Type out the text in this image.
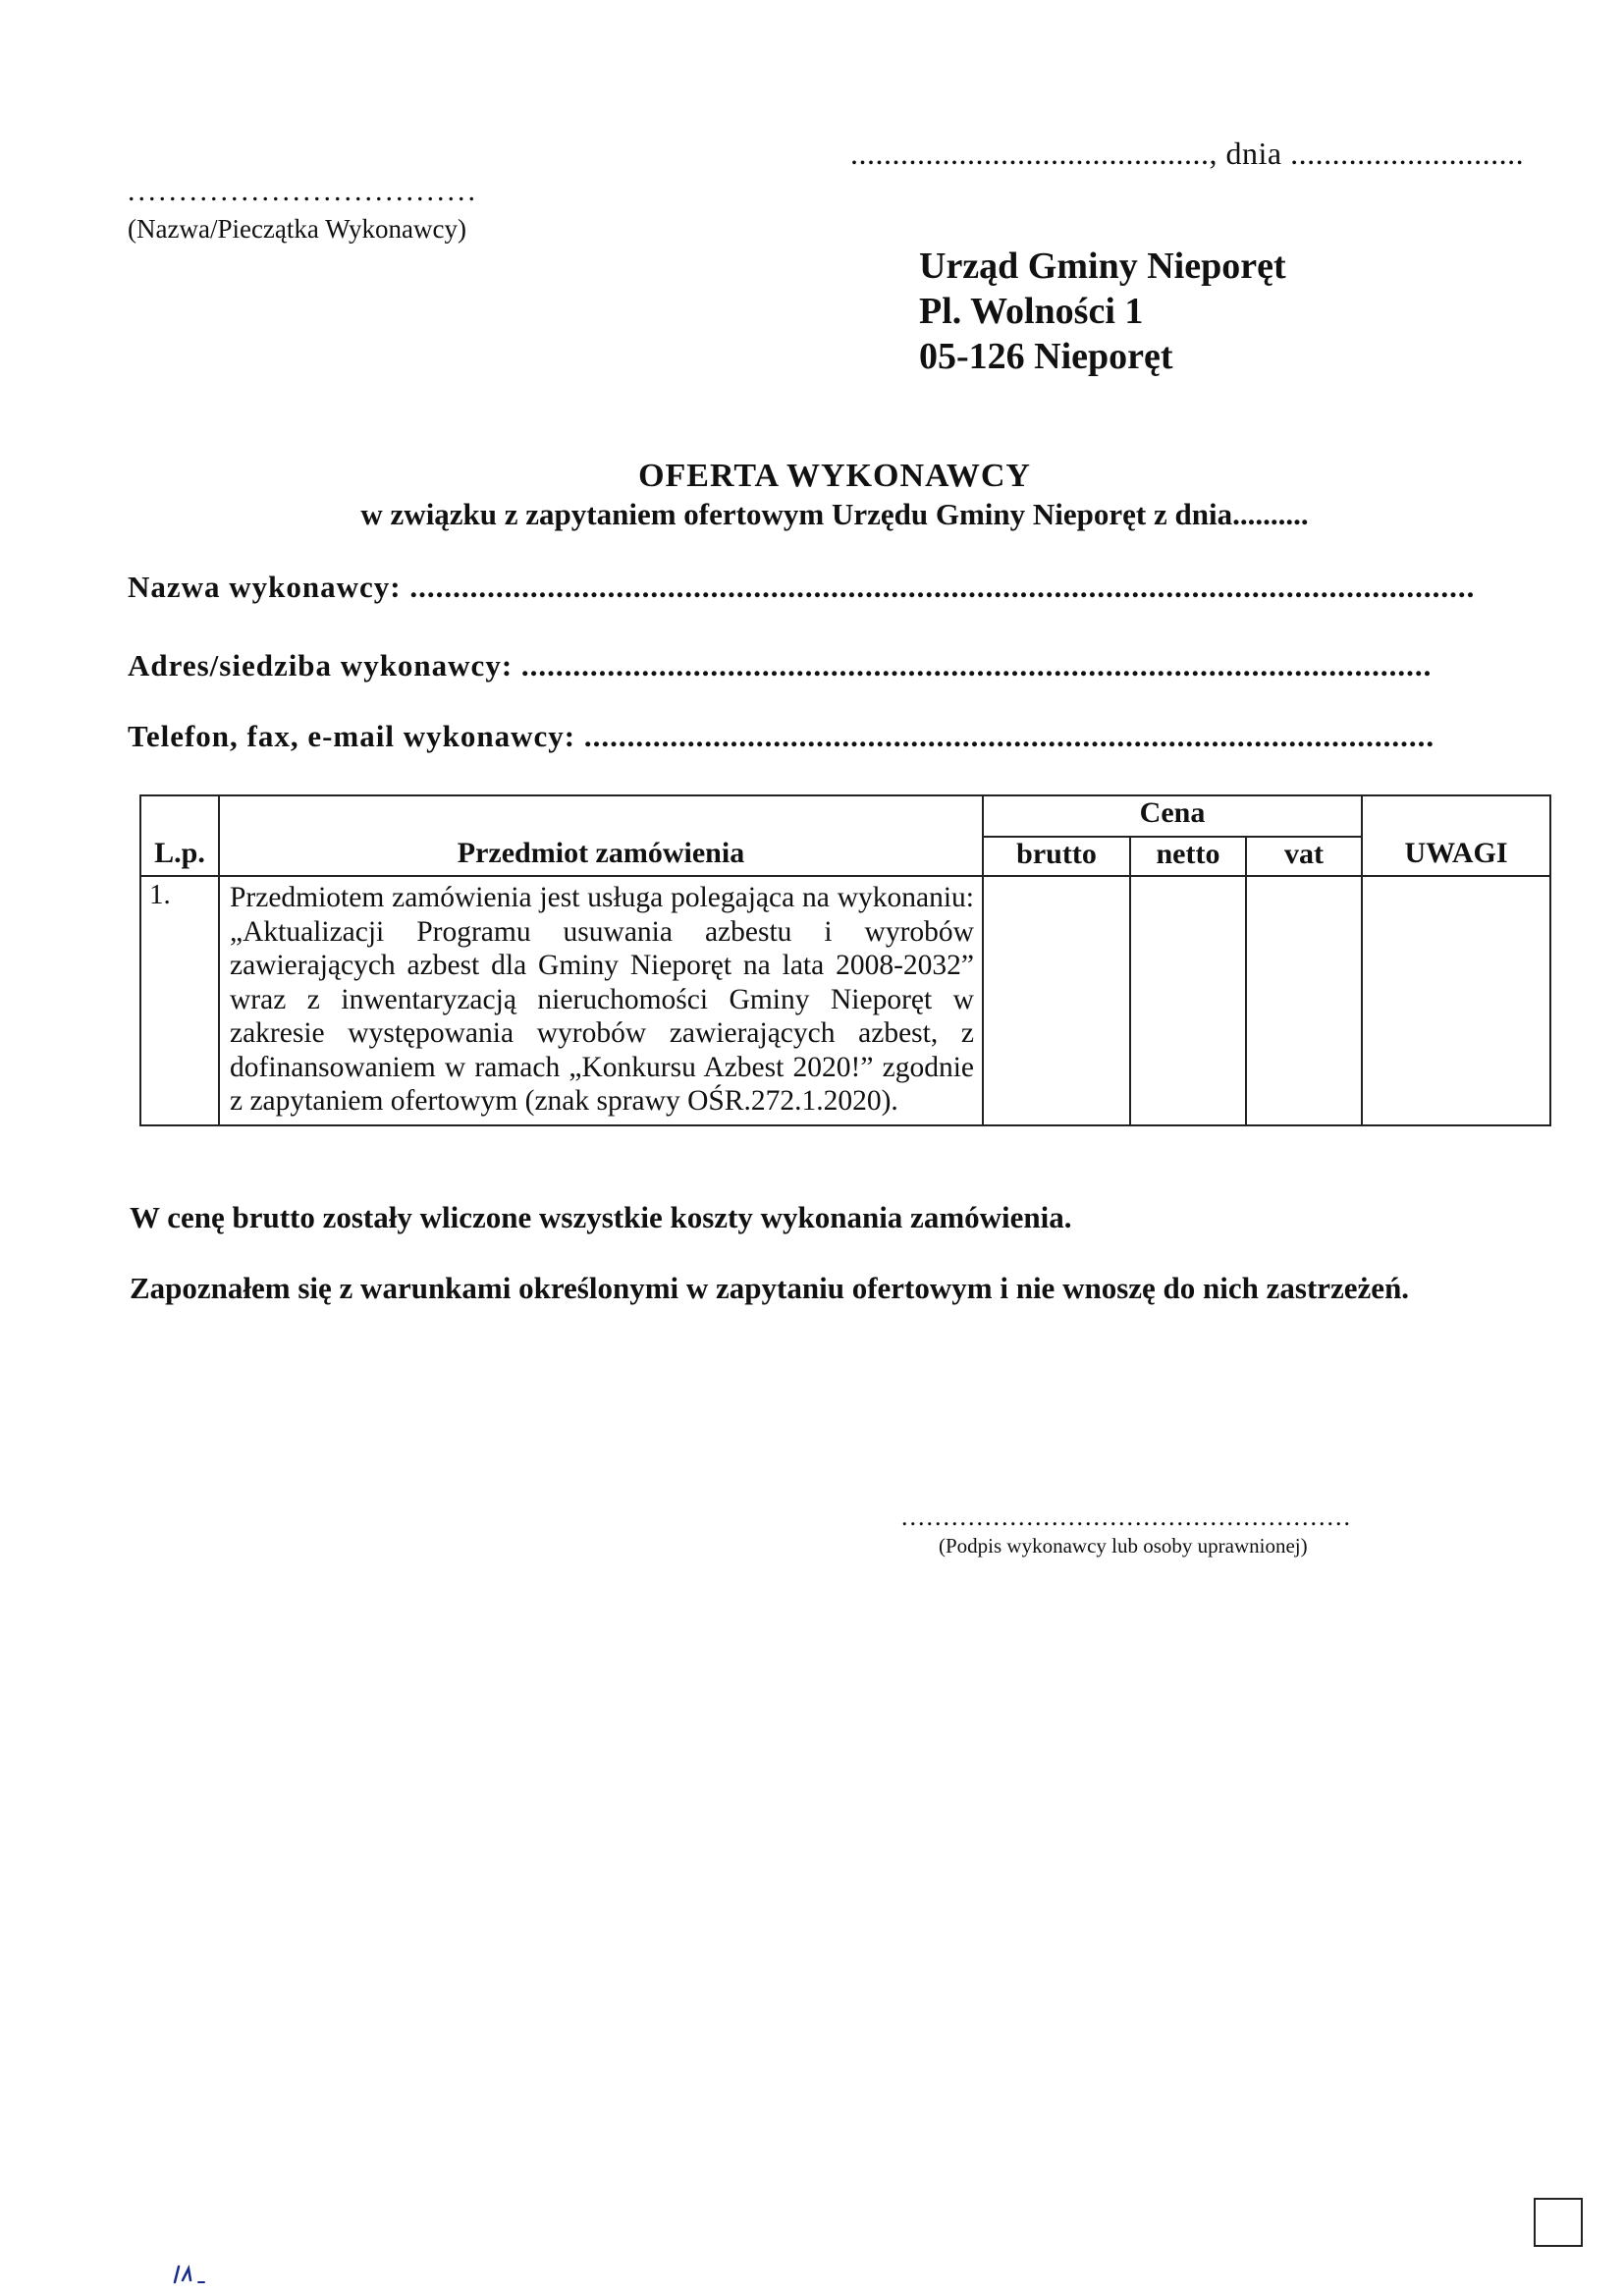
..........................................., dnia ............................
..................................
(Nazwa/Pieczątka Wykonawcy)
Urząd Gminy Nieporęt
Pl. Wolności 1
05-126 Nieporęt
OFERTA WYKONAWCY
w związku z zapytaniem ofertowym Urzędu Gminy Nieporęt z dnia..........
Nazwa wykonawcy: ............................................................................................................................
Adres/siedziba wykonawcy: ..........................................................................................................
Telefon, fax, e-mail wykonawcy: ...................................................................................................
		Cena			
L.p.	Przedmiot zamówienia	brutto	netto	vat	UWAGI
1.	Przedmiotem zamówienia jest usługa polegająca na wykonaniu: „Aktualizacji Programu usuwania azbestu i wyrobów zawierających azbest dla Gminy Nieporęt na lata 2008-2032” wraz z inwentaryzacją nieruchomości Gminy Nieporęt w zakresie występowania wyrobów zawierających azbest, z dofinansowaniem w ramach „Konkursu Azbest 2020!” zgodnie z zapytaniem ofertowym (znak sprawy OŚR.272.1.2020).				
W cenę brutto zostały wliczone wszystkie koszty wykonania zamówienia.
Zapoznałem się z warunkami określonymi w zapytaniu ofertowym i nie wnoszę do nich zastrzeżeń.
......................................................
(Podpis wykonawcy lub osoby uprawnionej)
